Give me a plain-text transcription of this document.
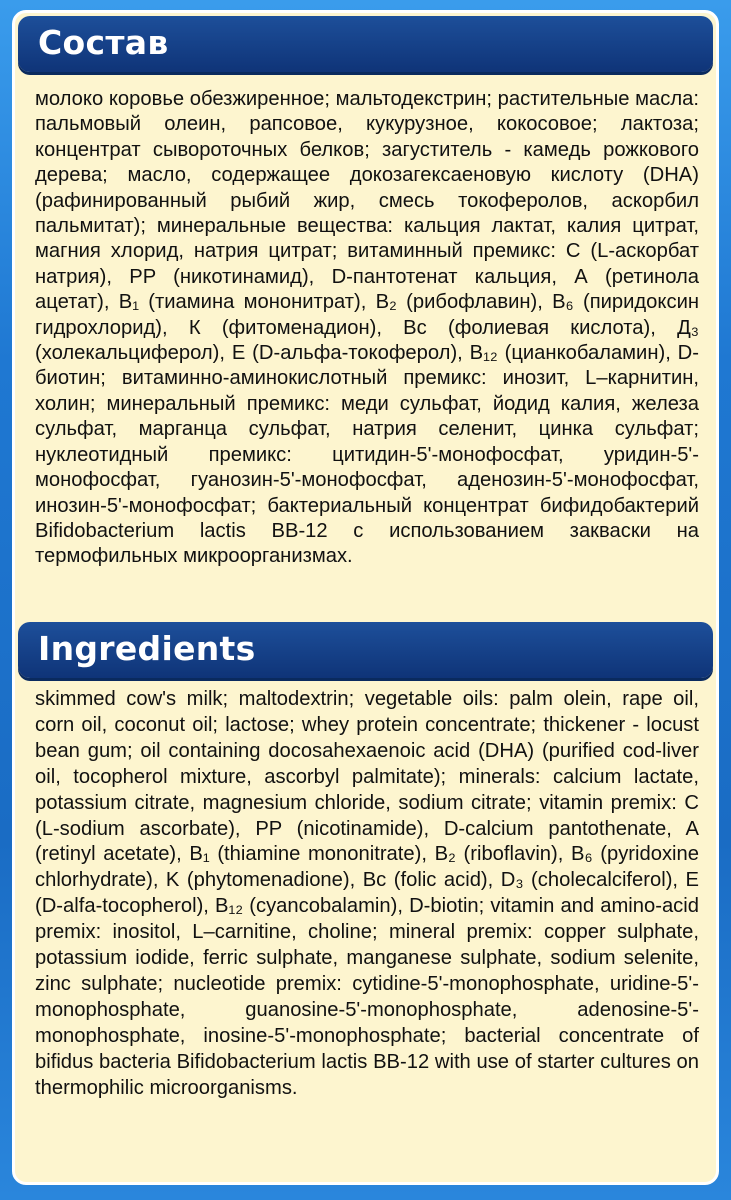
Состав

молоко коровье обезжиренное; мальтодекстрин; растительные масла: пальмовый олеин, рапсовое, кукурузное, кокосовое; лактоза; концентрат сывороточных белков; загуститель - камедь рожкового дерева; масло, содержащее докозагексаеновую кислоту (DHA) (рафинированный рыбий жир, смесь токоферолов, аскорбил пальмитат); минеральные вещества: кальция лактат, калия цитрат, магния хлорид, натрия цитрат; витаминный премикс: С (L-аскорбат натрия), PP (никотинамид), D-пантотенат кальция, А (ретинола ацетат), B₁ (тиамина мононитрат), B₂ (рибофлавин), B₆ (пиридоксин гидрохлорид), К (фитоменадион), Bc (фолиевая кислота), Д₃ (холекальциферол), Е (D-альфа-токоферол), B₁₂ (цианкобаламин), D-биотин; витаминно-аминокислотный премикс: инозит, L–карнитин, холин; минеральный премикс: меди сульфат, йодид калия, железа сульфат, марганца сульфат, натрия селенит, цинка сульфат; нуклеотидный премикс: цитидин-5'-монофосфат, уридин-5'-монофосфат, гуанозин-5'-монофосфат, аденозин-5'-монофосфат, инозин-5'-монофосфат; бактериальный концентрат бифидобактерий Bifidobacterium lactis BB-12 с использованием закваски на термофильных микроорганизмах.

Ingredients

skimmed cow's milk; maltodextrin; vegetable oils: palm olein, rape oil, corn oil, coconut oil; lactose; whey protein concentrate; thickener - locust bean gum; oil containing docosahexaenoic acid (DHA) (purified cod-liver oil, tocopherol mixture, ascorbyl palmitate); minerals: calcium lactate, potassium citrate, magnesium chloride, sodium citrate; vitamin premix: C (L-sodium ascorbate), PP (nicotinamide), D-calcium pantothenate, A (retinyl acetate), B₁ (thiamine mononitrate), B₂ (riboflavin), B₆ (pyridoxine chlorhydrate), K (phytomenadione), Bc (folic acid), D₃ (cholecalciferol), E (D-alfa-tocopherol), B₁₂ (cyancobalamin), D-biotin; vitamin and amino-acid premix: inositol, L–carnitine, choline; mineral premix: copper sulphate, potassium iodide, ferric sulphate, manganese sulphate, sodium selenite, zinc sulphate; nucleotide premix: cytidine-5'-monophosphate, uridine-5'-monophosphate, guanosine-5'-monophosphate, adenosine-5'-monophosphate, inosine-5'-monophosphate; bacterial concentrate of bifidus bacteria Bifidobacterium lactis BB-12 with use of starter cultures on thermophilic microorganisms.
